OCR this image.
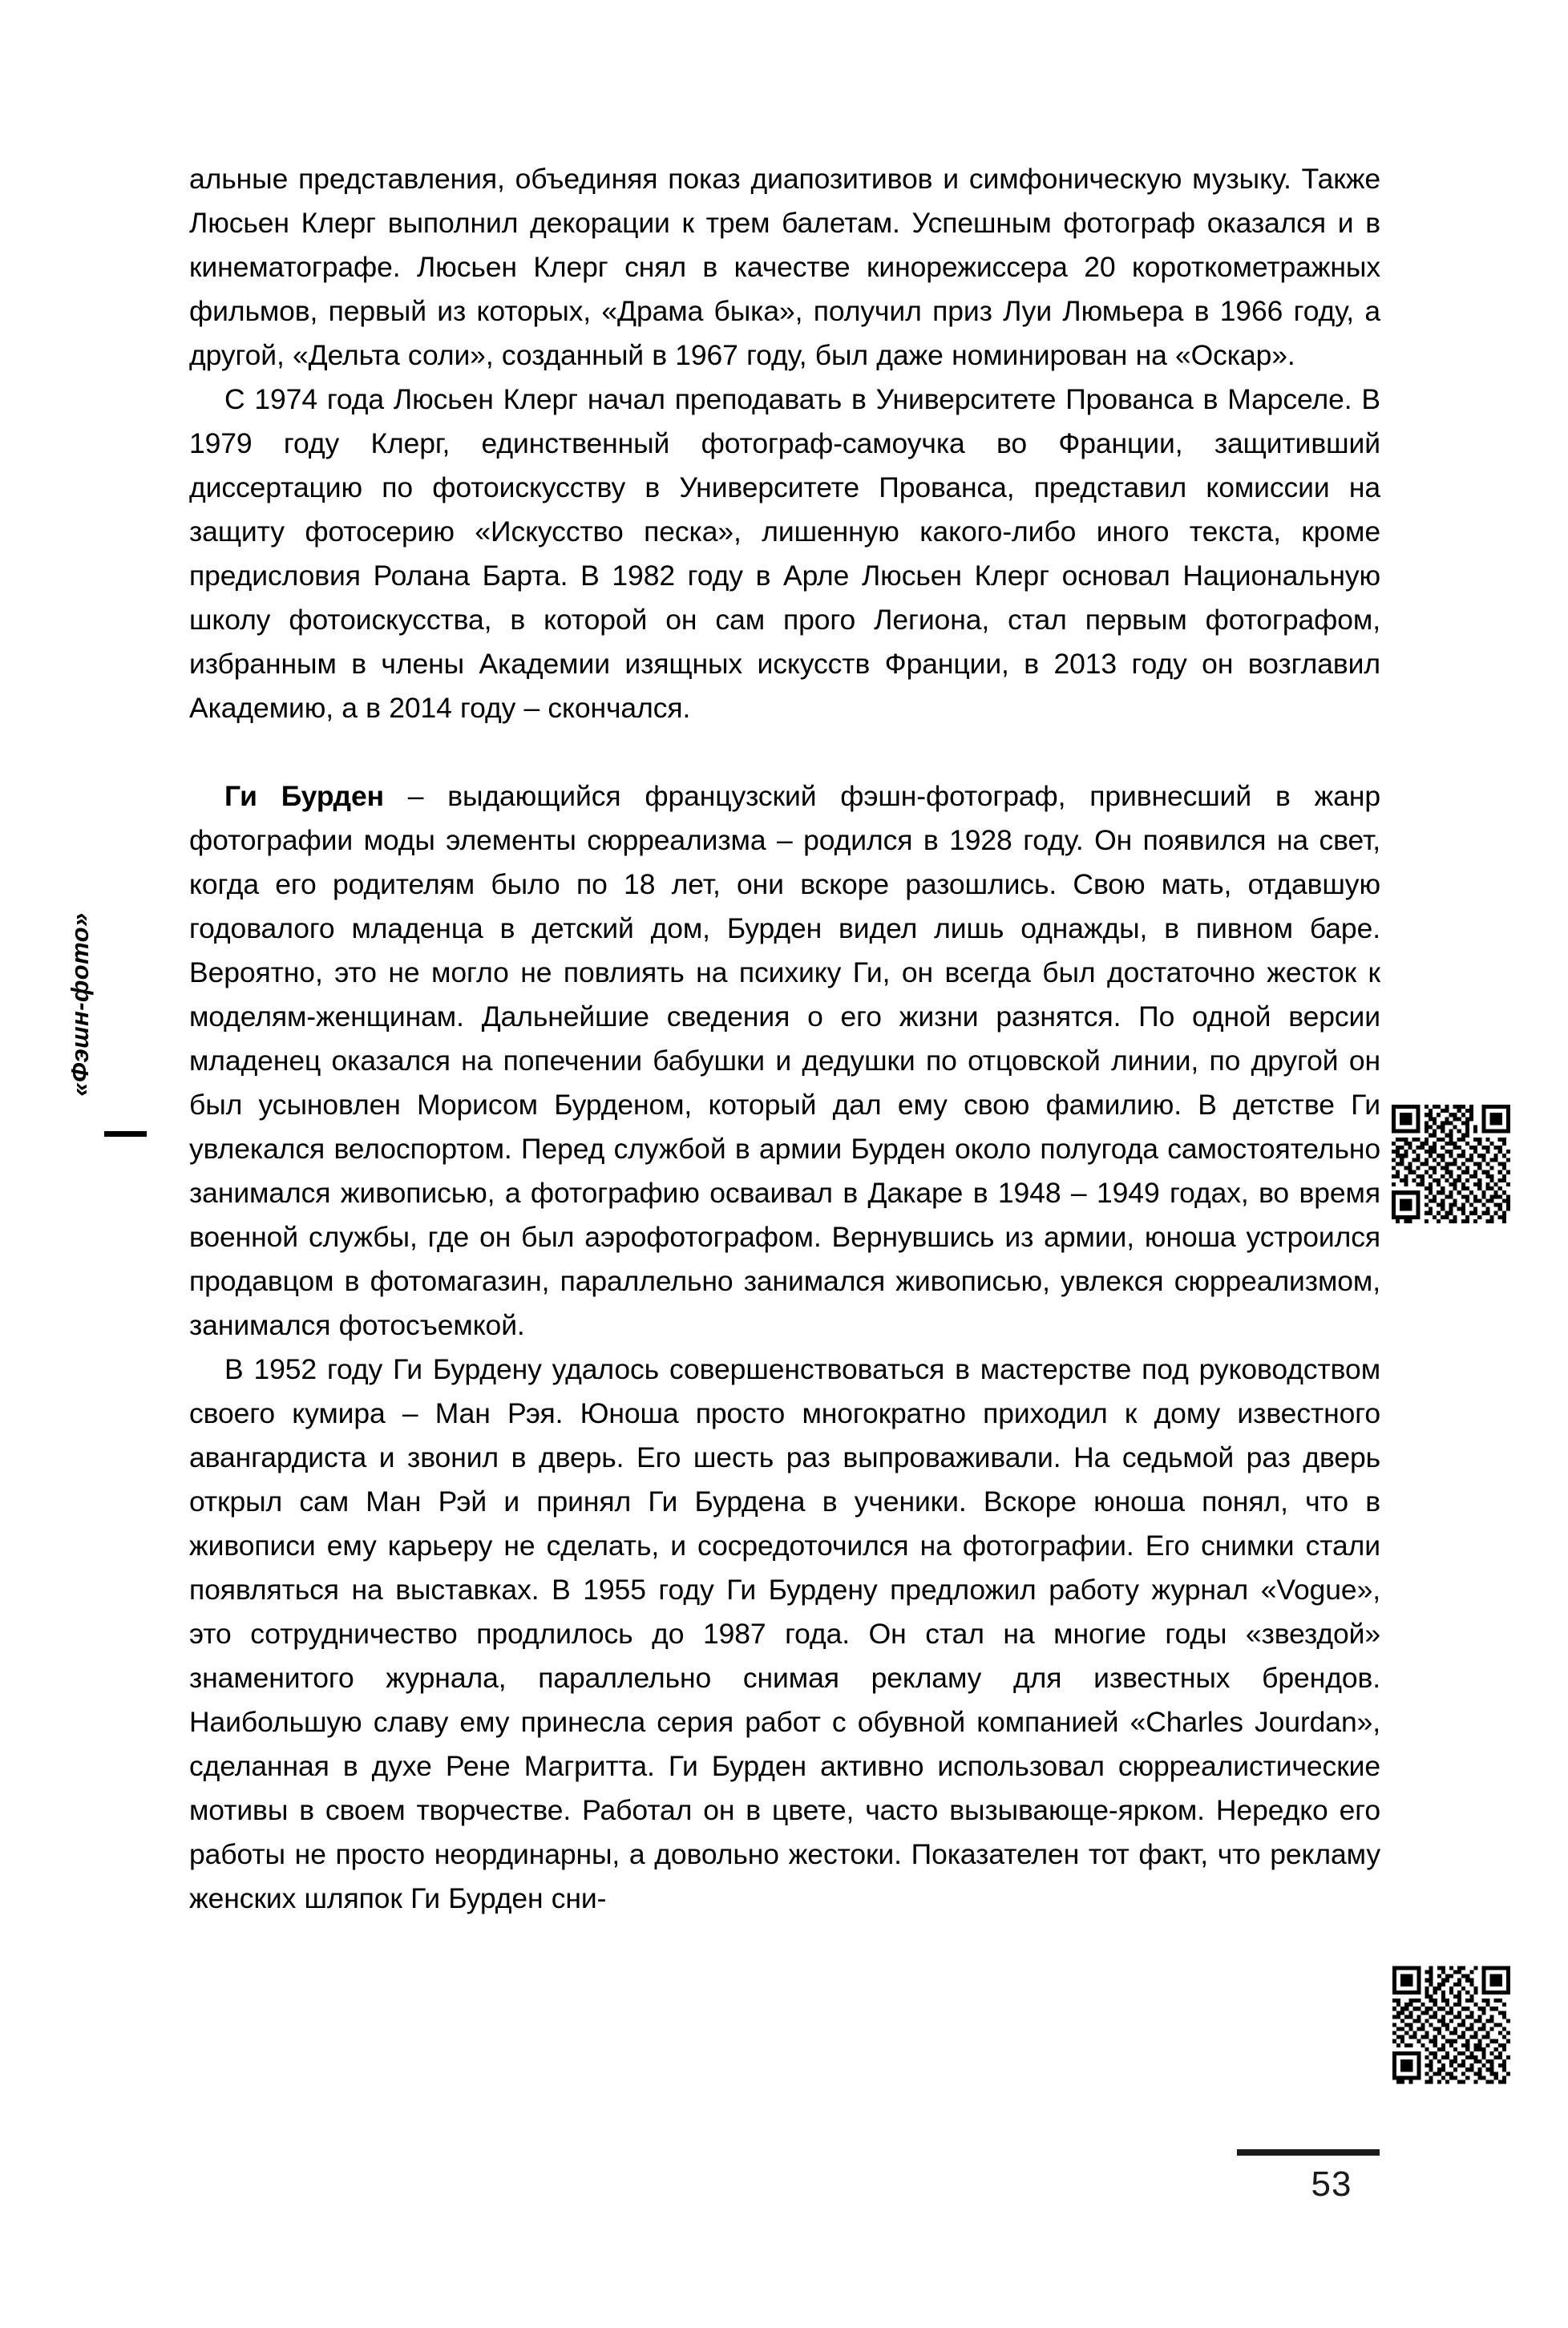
«Фэшн-фото»

альные представления, объединяя показ диапозитивов и симфоническую музыку. Также Люсьен Клерг выполнил декорации к трем балетам. Успешным фотограф оказался и в кинематографе. Люсьен Клерг снял в качестве кинорежиссера 20 короткометражных фильмов, первый из которых, «Драма быка», получил приз Луи Люмьера в 1966 году, а другой, «Дельта соли», созданный в 1967 году, был даже номинирован на «Оскар».

С 1974 года Люсьен Клерг начал преподавать в Университете Прованса в Марселе. В 1979 году Клерг, единственный фотограф-самоучка во Франции, защитивший диссертацию по фотоискусству в Университете Прованса, представил комиссии на защиту фотосерию «Искусство песка», лишенную какого-либо иного текста, кроме предисловия Ролана Барта. В 1982 году в Арле Люсьен Клерг основал Национальную школу фотоискусства, в которой он сам прого Легиона, стал первым фотографом, избранным в члены Академии изящных искусств Франции, в 2013 году он возглавил Академию, а в 2014 году – скончался.

Ги Бурден – выдающийся французский фэшн-фотограф, привнесший в жанр фотографии моды элементы сюрреализма – родился в 1928 году. Он появился на свет, когда его родителям было по 18 лет, они вскоре разошлись. Свою мать, отдавшую годовалого младенца в детский дом, Бурден видел лишь однажды, в пивном баре. Вероятно, это не могло не повлиять на психику Ги, он всегда был достаточно жесток к моделям-женщинам. Дальнейшие сведения о его жизни разнятся. По одной версии младенец оказался на попечении бабушки и дедушки по отцовской линии, по другой он был усыновлен Морисом Бурденом, который дал ему свою фамилию. В детстве Ги увлекался велоспортом. Перед службой в армии Бурден около полугода самостоятельно занимался живописью, а фотографию осваивал в Дакаре в 1948 – 1949 годах, во время военной службы, где он был аэрофотографом. Вернувшись из армии, юноша устроился продавцом в фотомагазин, параллельно занимался живописью, увлекся сюрреализмом, занимался фотосъемкой.

В 1952 году Ги Бурдену удалось совершенствоваться в мастерстве под руководством своего кумира – Ман Рэя. Юноша просто многократно приходил к дому известного авангардиста и звонил в дверь. Его шесть раз выпроваживали. На седьмой раз дверь открыл сам Ман Рэй и принял Ги Бурдена в ученики. Вскоре юноша понял, что в живописи ему карьеру не сделать, и сосредоточился на фотографии. Его снимки стали появляться на выставках. В 1955 году Ги Бурдену предложил работу журнал «Vogue», это сотрудничество продлилось до 1987 года. Он стал на многие годы «звездой» знаменитого журнала, параллельно снимая рекламу для известных брендов. Наибольшую славу ему принесла серия работ с обувной компанией «Charles Jourdan», сделанная в духе Рене Магритта. Ги Бурден активно использовал сюрреалистические мотивы в своем творчестве. Работал он в цвете, часто вызывающе-ярком. Нередко его работы не просто неординарны, а довольно жестоки. Показателен тот факт, что рекламу женских шляпок Ги Бурден сни-

53
